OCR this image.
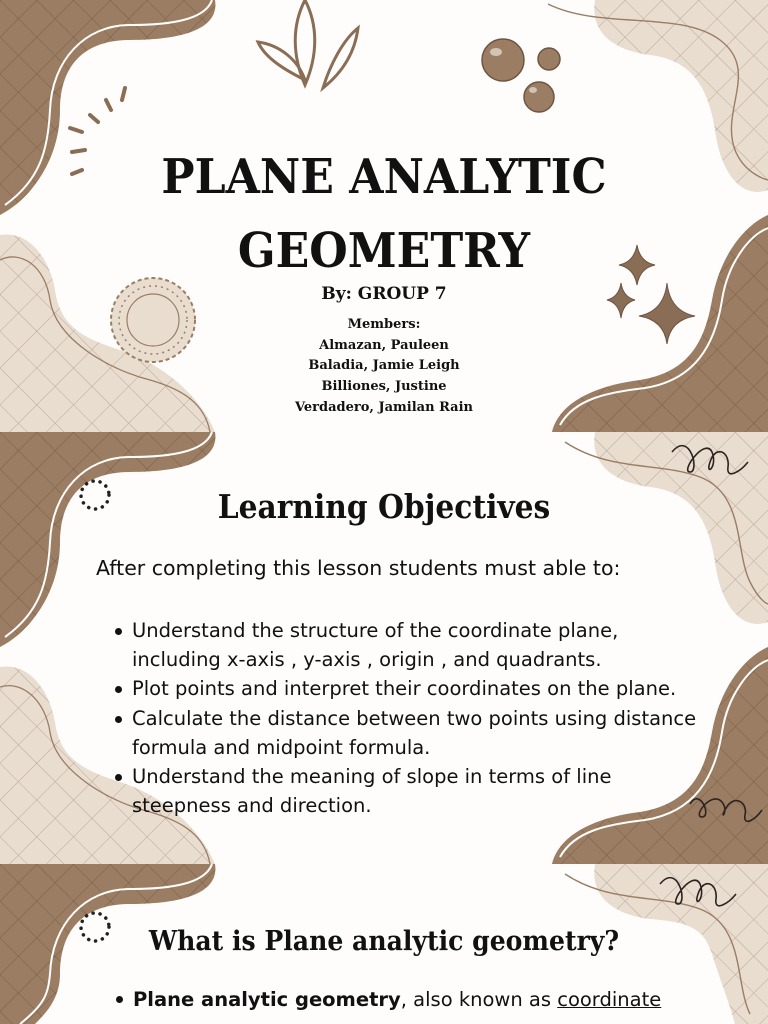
PLANE ANALYTIC
GEOMETRY
By: GROUP 7
Members:
Almazan, Pauleen
Baladia, Jamie Leigh
Billiones, Justine
Verdadero, Jamilan Rain
Learning Objectives
After completing this lesson students must able to:
Understand the structure of the coordinate plane,
including x-axis , y-axis , origin , and quadrants.
Plot points and interpret their coordinates on the plane.
Calculate the distance between two points using distance
formula and midpoint formula.
Understand the meaning of slope in terms of line
steepness and direction.
What is Plane analytic geometry?
Plane analytic geometry, also known as coordinate
